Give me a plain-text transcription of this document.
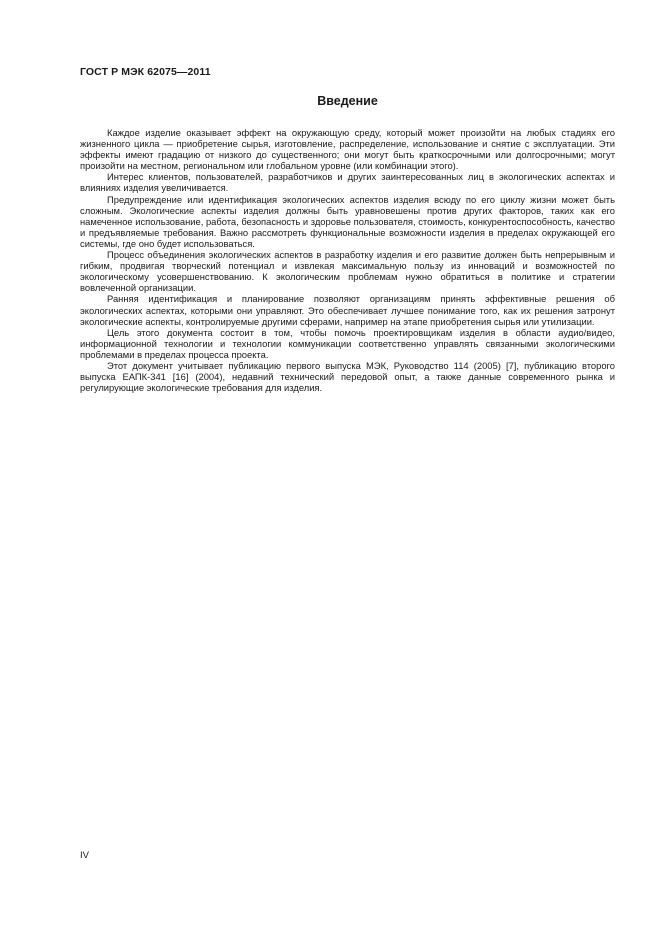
ГОСТ Р МЭК 62075—2011
Введение

Каждое изделие оказывает эффект на окружающую среду, который может произойти на любых стадиях его жизненного цикла — приобретение сырья, изготовление, распределение, использование и снятие с эксплуатации. Эти эффекты имеют градацию от низкого до существенного; они могут быть краткосрочными или долгосрочными; могут произойти на местном, региональном или глобальном уровне (или комбинации этого).

Интерес клиентов, пользователей, разработчиков и других заинтересованных лиц в экологических аспектах и влияниях изделия увеличивается.

Предупреждение или идентификация экологических аспектов изделия всюду по его циклу жизни может быть сложным. Экологические аспекты изделия должны быть уравновешены против других факторов, таких как его намеченное использование, работа, безопасность и здоровье пользователя, стоимость, конкурентоспособность, качество и предъявляемые требования. Важно рассмотреть функциональные возможности изделия в пределах окружающей его системы, где оно будет использоваться.

Процесс объединения экологических аспектов в разработку изделия и его развитие должен быть непрерывным и гибким, продвигая творческий потенциал и извлекая максимальную пользу из инноваций и возможностей по экологическому усовершенствованию. К экологическим проблемам нужно обратиться в политике и стратегии вовлеченной организации.

Ранняя идентификация и планирование позволяют организациям принять эффективные решения об экологических аспектах, которыми они управляют. Это обеспечивает лучшее понимание того, как их решения затронут экологические аспекты, контролируемые другими сферами, например на этапе приобретения сырья или утилизации.

Цель этого документа состоит в том, чтобы помочь проектировщикам изделия в области аудио/видео, информационной технологии и технологии коммуникации соответственно управлять связанными экологическими проблемами в пределах процесса проекта.

Этот документ учитывает публикацию первого выпуска МЭК, Руководство 114 (2005) [7], публикацию второго выпуска ЕАПК-341 [16] (2004), недавний технический передовой опыт, а также данные современного рынка и регулирующие экологические требования для изделия.

IV
